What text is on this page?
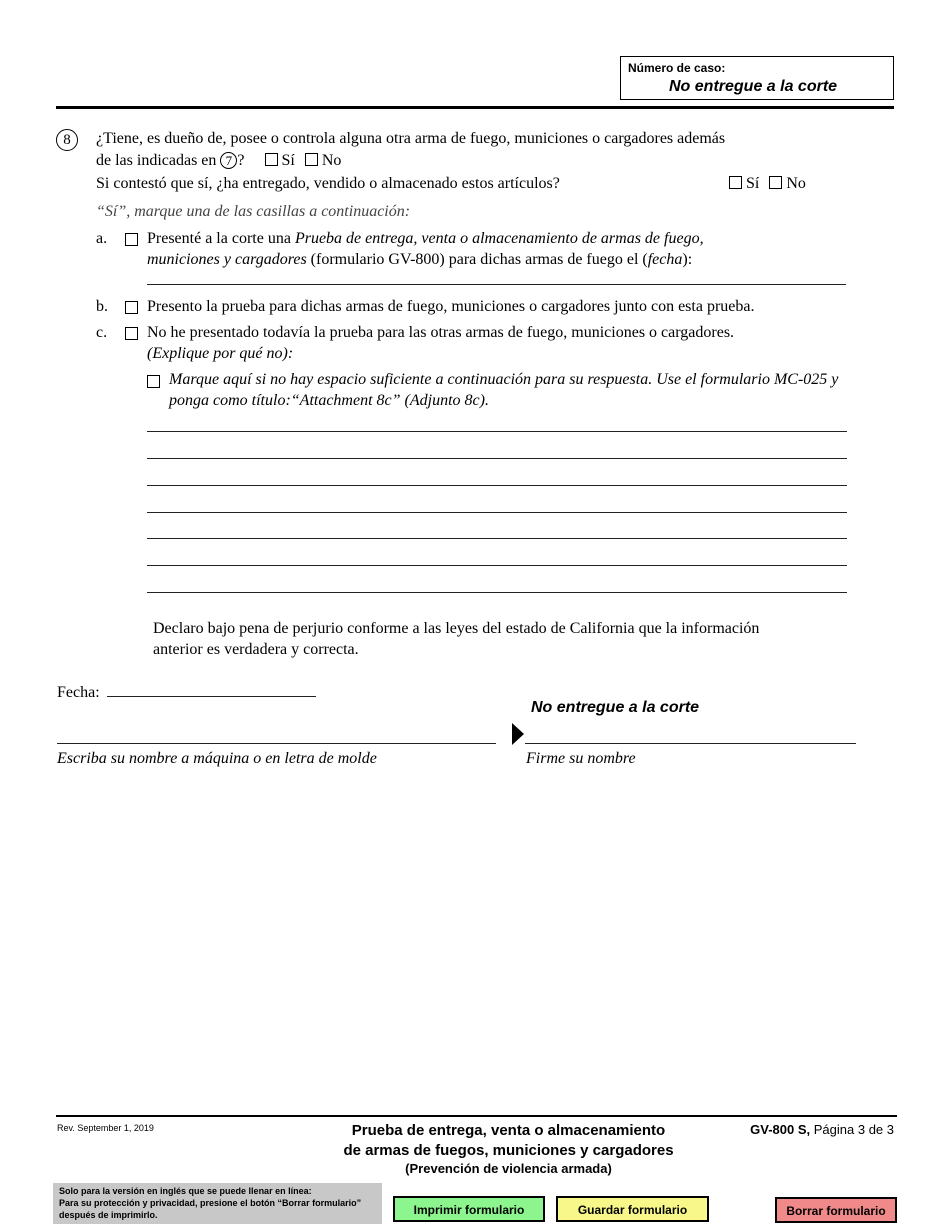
Número de caso:
No entregue a la corte
8	¿Tiene, es dueño de, posee o controla alguna otra arma de fuego, municiones o cargadores además
de las indicadas en 7 ? Sí No
Si contestó que sí, ¿ha entregado, vendido o almacenado estos artículos?	Sí No
“Sí”, marque una de las casillas a continuación:
a. Presenté a la corte una Prueba de entrega, venta o almacenamiento de armas de fuego,
municiones y cargadores (formulario GV-800) para dichas armas de fuego el (fecha):
b. Presento la prueba para dichas armas de fuego, municiones o cargadores junto con esta prueba.
c. No he presentado todavía la prueba para las otras armas de fuego, municiones o cargadores.
(Explique por qué no):
Marque aquí si no hay espacio suficiente a continuación para su respuesta. Use el formulario MC-025 y
ponga como título:“Attachment 8c” (Adjunto 8c).
Declaro bajo pena de perjurio conforme a las leyes del estado de California que la información
anterior es verdadera y correcta.
Fecha:
No entregue a la corte
Escriba su nombre a máquina o en letra de molde	Firme su nombre
Rev. September 1, 2019	Prueba de entrega, venta o almacenamiento
de armas de fuegos, municiones y cargadores
(Prevención de violencia armada)
GV-800 S, Página 3 de 3
Solo para la versión en inglés que se puede llenar en línea:
Para su protección y privacidad, presione el botón “Borrar formulario”
después de imprimirlo.	Imprimir formulario	Guardar formulario	Borrar formulario
